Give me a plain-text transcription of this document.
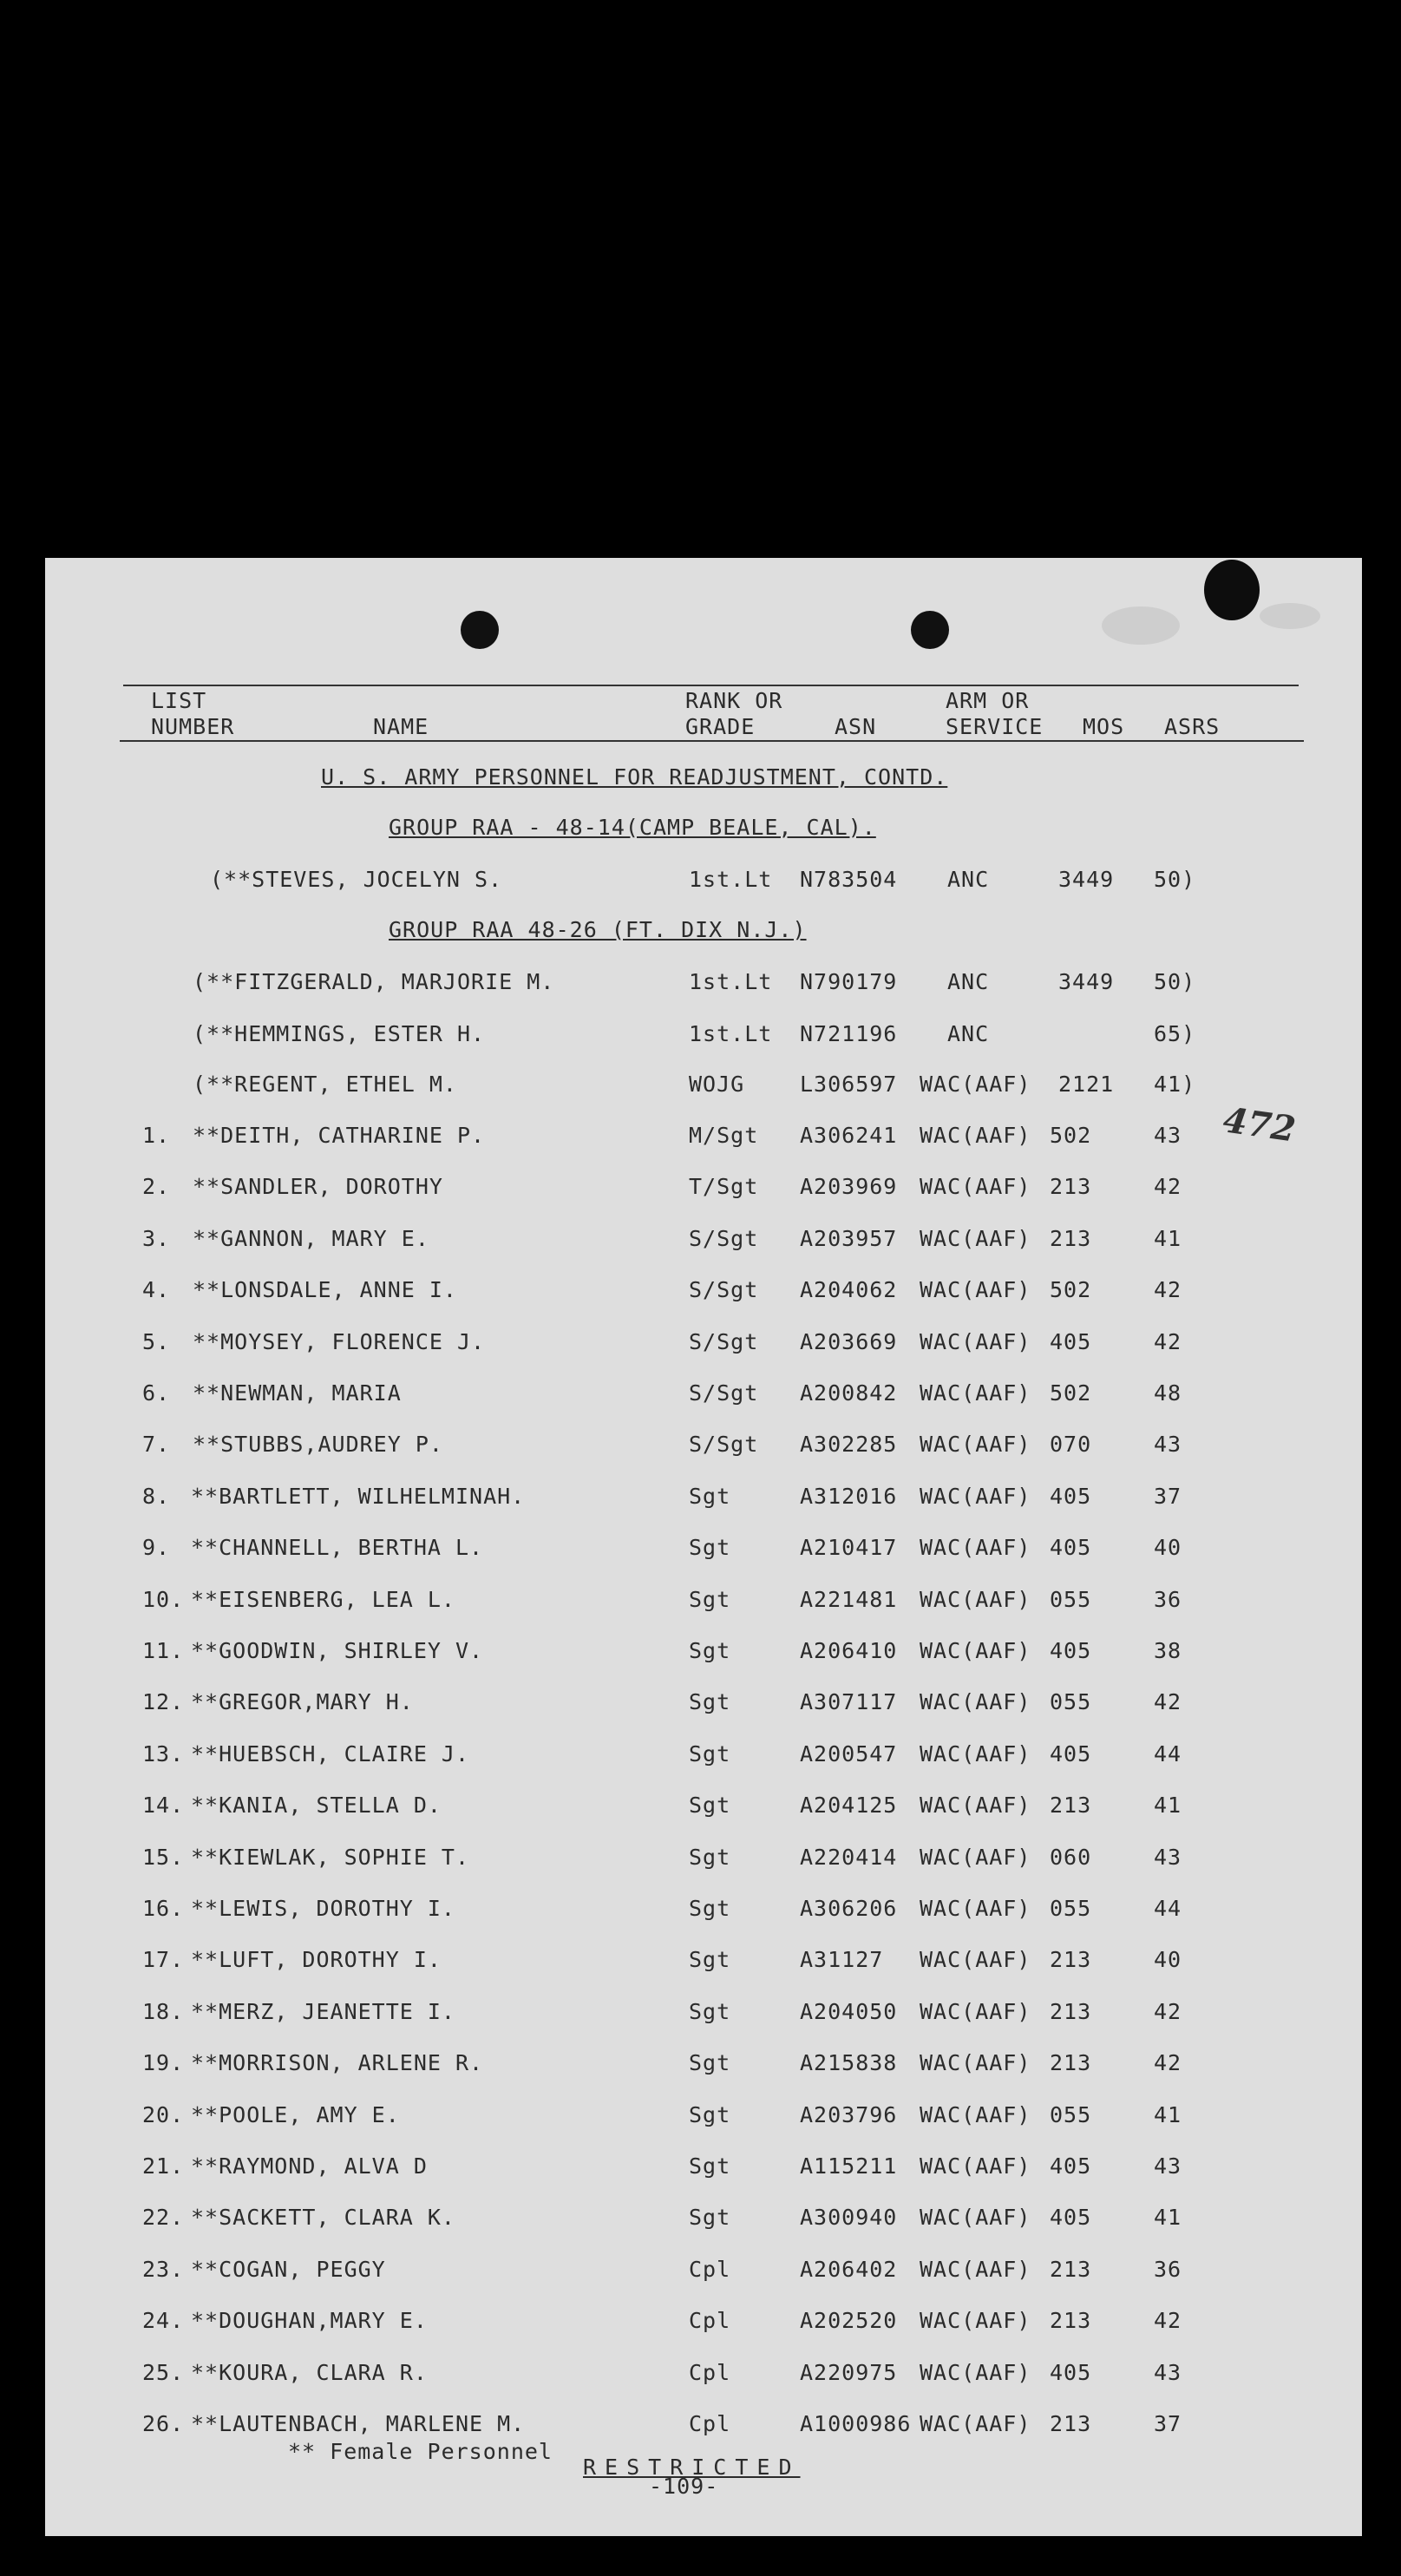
LIST
NUMBER	NAME
RANK OR
GRADE	ASN
ARM OR
SERVICE MOS ASRS
U. S. ARMY PERSONNEL FOR READJUSTMENT, CONTD.
GROUP RAA - 48-14(CAMP BEALE, CAL).
GROUP RAA 48-26 (FT. DIX N.J.)
472
(**STEVES, JOCELYN S.	1st.Lt N783504 ANC	3449 50)
(**FITZGERALD, MARJORIE M.	1st.Lt N790179 ANC	3449 50)
(**HEMMINGS, ESTER H.	1st.Lt N721196 ANC	65)
(**REGENT, ETHEL M.	WOJG	L306597 WAC(AAF) 2121 41)
1. **DEITH, CATHARINE P.	M/Sgt A306241 WAC(AAF) 502	43
2. **SANDLER, DOROTHY	T/Sgt A203969 WAC(AAF) 213	42
3. **GANNON, MARY E.	S/Sgt A203957 WAC(AAF) 213	41
4. **LONSDALE, ANNE I.	S/Sgt A204062 WAC(AAF) 502	42
5. **MOYSEY, FLORENCE J.	S/Sgt A203669 WAC(AAF) 405	42
6. **NEWMAN, MARIA	S/Sgt A200842 WAC(AAF) 502	48
7. **STUBBS,AUDREY P.	S/Sgt A302285 WAC(AAF) 070	43
8. **BARTLETT, WILHELMINAH.	Sgt	A312016 WAC(AAF) 405	37
9. **CHANNELL, BERTHA L.	Sgt	A210417 WAC(AAF) 405	40
10. **EISENBERG, LEA L.	Sgt	A221481 WAC(AAF) 055	36
11. **GOODWIN, SHIRLEY V.	Sgt	A206410 WAC(AAF) 405	38
12. **GREGOR,MARY H.	Sgt	A307117 WAC(AAF) 055	42
13. **HUEBSCH, CLAIRE J.	Sgt	A200547 WAC(AAF) 405	44
14. **KANIA, STELLA D.	Sgt	A204125 WAC(AAF) 213	41
15. **KIEWLAK, SOPHIE T.	Sgt	A220414 WAC(AAF) 060	43
16. **LEWIS, DOROTHY I.	Sgt	A306206 WAC(AAF) 055	44
17. **LUFT, DOROTHY I.	Sgt	A31127 WAC(AAF) 213	40
18. **MERZ, JEANETTE I.	Sgt	A204050 WAC(AAF) 213	42
19. **MORRISON, ARLENE R.	Sgt	A215838 WAC(AAF) 213	42
20. **POOLE, AMY E.	Sgt	A203796 WAC(AAF) 055	41
21. **RAYMOND, ALVA D	Sgt	A115211 WAC(AAF) 405	43
22. **SACKETT, CLARA K.	Sgt	A300940 WAC(AAF) 405	41
23. **COGAN, PEGGY	Cpl	A206402 WAC(AAF) 213	36
24. **DOUGHAN,MARY E.	Cpl	A202520 WAC(AAF) 213	42
25. **KOURA, CLARA R.	Cpl	A220975 WAC(AAF) 405	43
26. **LAUTENBACH, MARLENE M.	Cpl	A1000986 WAC(AAF) 213	37
** Female Personnel
RESTRICTED
-109-
